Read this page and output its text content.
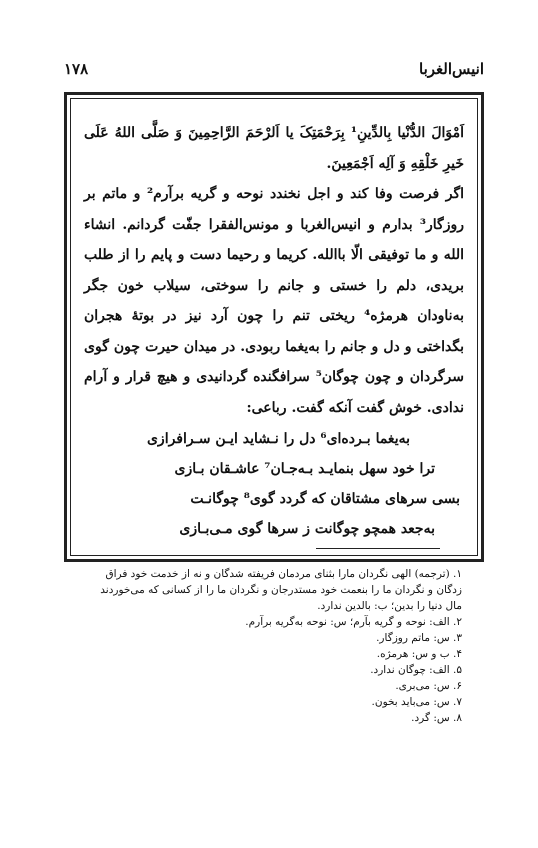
انیس‌الغربا
۱۷۸

اَمْوَالَ الدُّنْیا بِالدِّینِ¹ بِرَحْمَتِکَ یا اَلرْحَمَ الرَّاحِمِینَ وَ صَلَّی اللهُ عَلَی خَیرِ خَلْقِهِ وَ آلِه اَجْمَعِینَ.

اگر فرصت وفا کند و اجل نخندد نوحه و گریه برآرم² و ماتم بر روزگار³ بدارم و انیس‌الغربا و مونس‌الفقرا جفّت گردانم. انشاء الله و ما توفیقی الّا باالله. کریما و رحیما دست و پایم را از طلب بریدی، دلم را خستی و جانم را سوختی، سیلاب خون جگر به‌ناودان هرمژه⁴ ریختی تنم را چون آرد نیز در بوتۀ هجران بگداختی و دل و جانم را به‌یغما ربودی. در میدان حیرت چون گوی سرگردان و چون چوگان⁵ سرافگنده گردانیدی و هیچ قرار و آرام ندادی. خوش گفت آنکه گفت. رباعی:

به‌یغما بـرده‌ای⁶ دل را نـشاید ایـن سـرافرازی
ترا خود سهل بنمایـد بـه‌جـان⁷ عاشـقان بـازی
بسی سرهای مشتاقان که گردد گوی⁸ چوگانـت
به‌جعد همچو چوگانت ز سرها گوی مـی‌بـازی

۱. (ترجمه) الهی نگردان مارا بثنای مردمان فریفته شدگان و نه از خدمت خود فراق زدگان و نگردان ما را بنعمت خود مستدرجان و نگردان ما را از کسانی که می‌خوردند مال دنیا را بدین؛ ب: بالدین ندارد.

۲. الف: نوحه و گریه بآرم؛ س: نوحه به‌گریه برآرم.

۳. س: ماتم روزگار.

۴. ب و س: هرمژه.

۵. الف: چوگان ندارد.

۶. س: می‌بری.

۷. س: می‌باید بخون.

۸. س: گرد.
